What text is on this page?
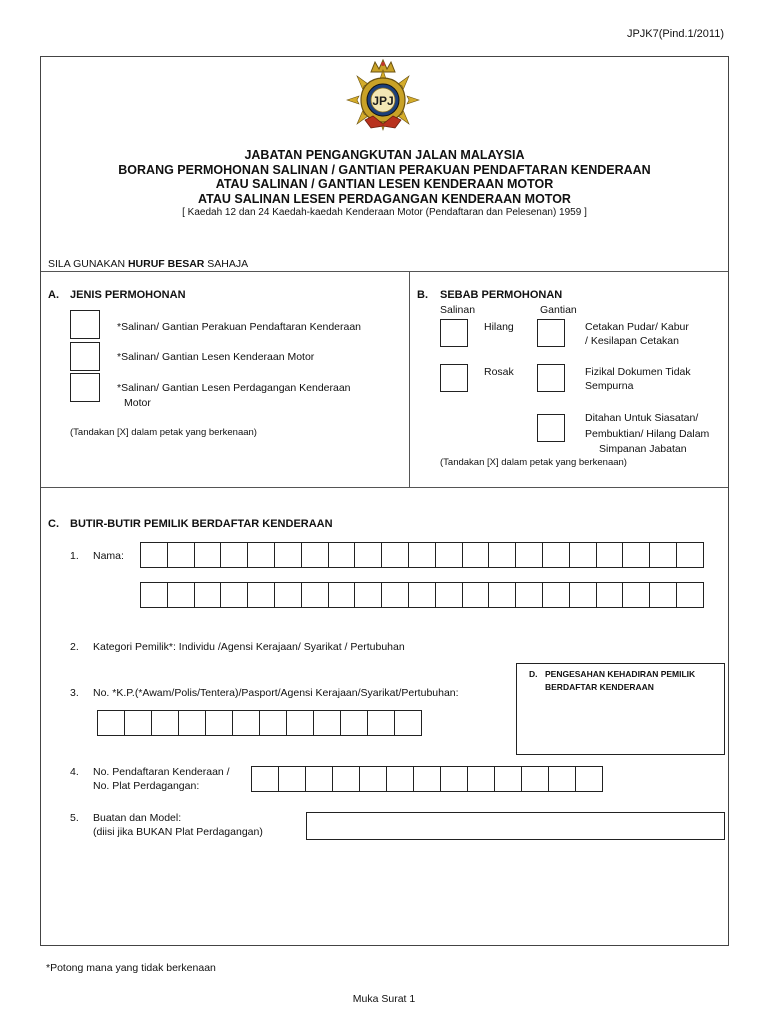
JPJK7(Pind.1/2011)
JPJ
JABATAN PENGANGKUTAN JALAN MALAYSIA
BORANG PERMOHONAN SALINAN / GANTIAN PERAKUAN PENDAFTARAN KENDERAAN
ATAU SALINAN / GANTIAN LESEN KENDERAAN MOTOR
ATAU SALINAN LESEN PERDAGANGAN KENDERAAN MOTOR
[ Kaedah 12 dan 24 Kaedah-kaedah Kenderaan Motor (Pendaftaran dan Pelesenan) 1959 ]
SILA GUNAKAN HURUF BESAR SAHAJA
A. JENIS PERMOHONAN
*Salinan/ Gantian Perakuan Pendaftaran Kenderaan
*Salinan/ Gantian Lesen Kenderaan Motor
*Salinan/ Gantian Lesen Perdagangan Kenderaan
Motor
(Tandakan [X] dalam petak yang berkenaan)
B. SEBAB PERMOHONAN
Salinan	Gantian
Hilang	Cetakan Pudar/ Kabur
/ Kesilapan Cetakan
Rosak	Fizikal Dokumen Tidak
Sempurna
Ditahan Untuk Siasatan/
Pembuktian/ Hilang Dalam
Simpanan Jabatan
(Tandakan [X] dalam petak yang berkenaan)
C. BUTIR-BUTIR PEMILIK BERDAFTAR KENDERAAN
1. Nama:
2. Kategori Pemilik*: Individu /Agensi Kerajaan/ Syarikat / Pertubuhan
3. No. *K.P.(*Awam/Polis/Tentera)/Pasport/Agensi Kerajaan/Syarikat/Pertubuhan:
4. No. Pendaftaran Kenderaan /
No. Plat Perdagangan:
5. Buatan dan Model:
(diisi jika BUKAN Plat Perdagangan)
D. PENGESAHAN KEHADIRAN PEMILIK
BERDAFTAR KENDERAAN
*Potong mana yang tidak berkenaan
Muka Surat 1
